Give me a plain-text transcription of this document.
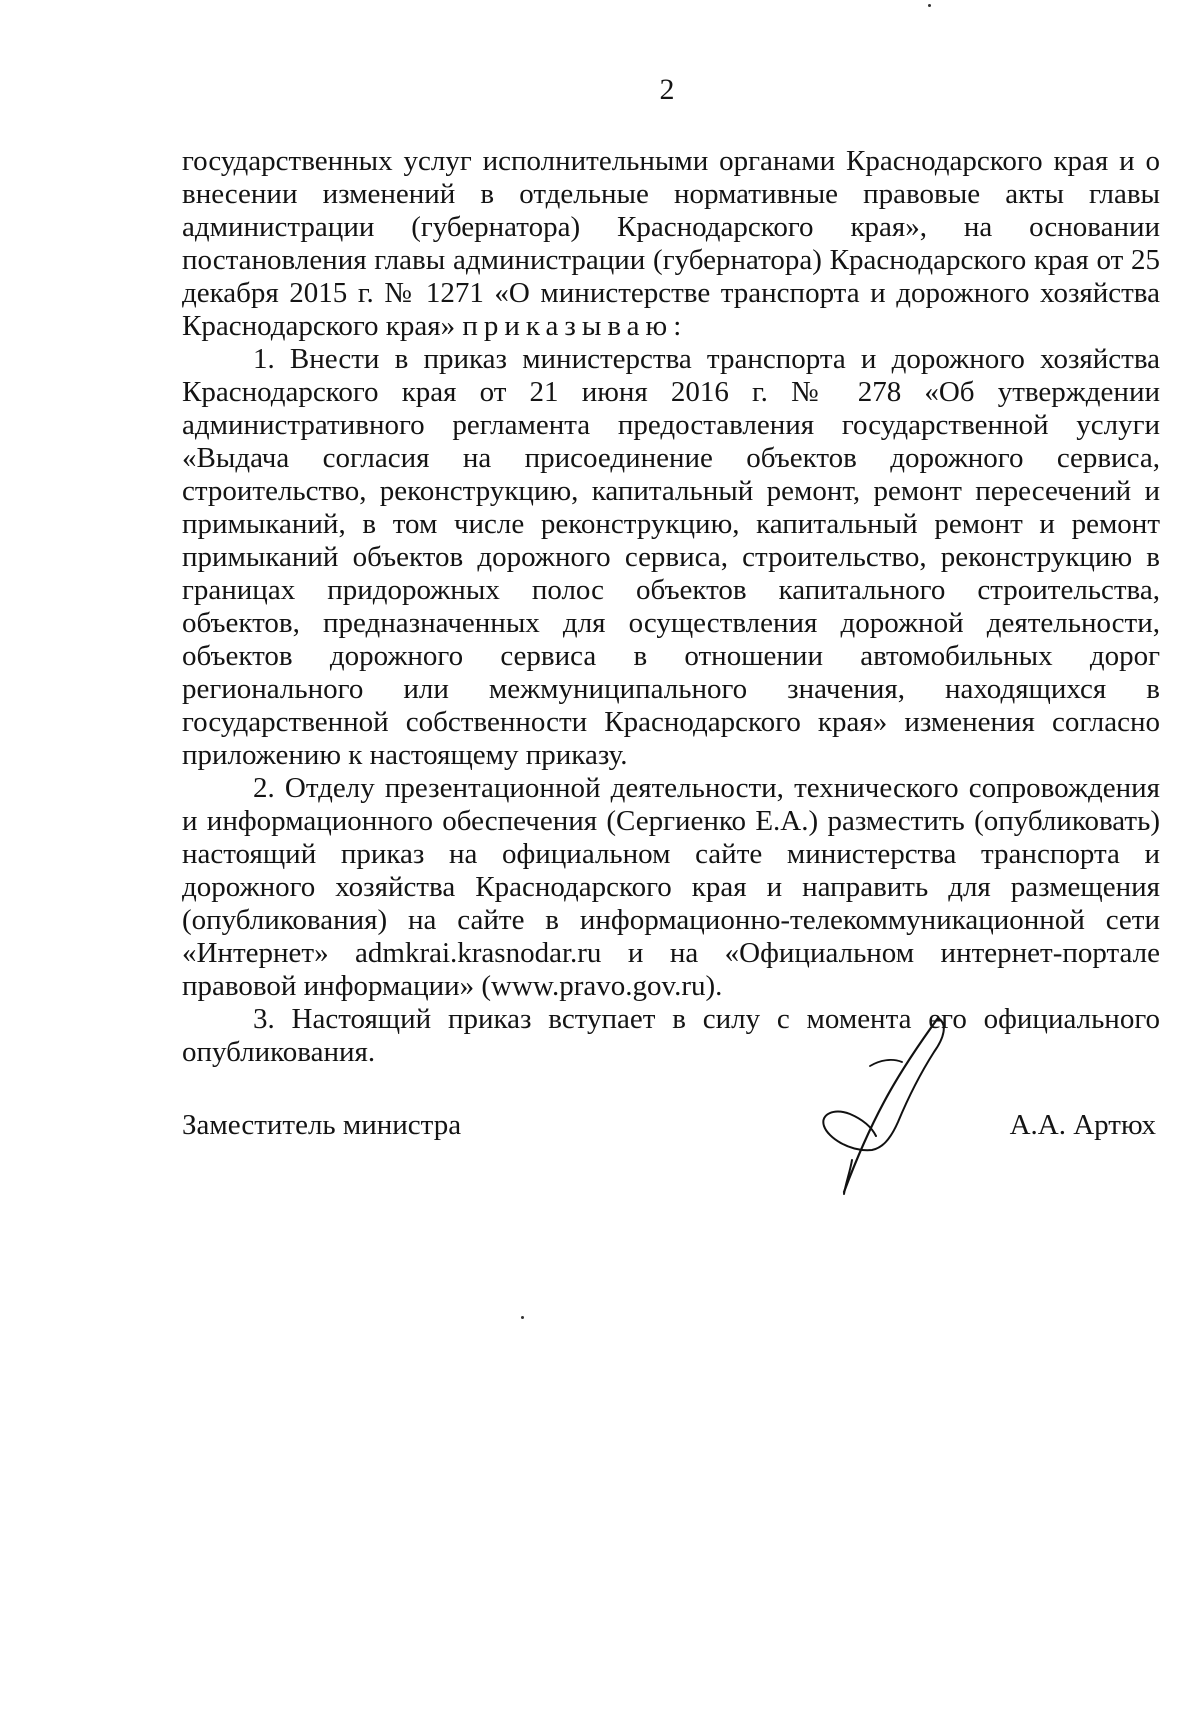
2

государственных услуг исполнительными органами Краснодарского края и о внесении изменений в отдельные нормативные правовые акты главы администрации (губернатора) Краснодарского края», на основании постановления главы администрации (губернатора) Краснодарского края от 25 декабря 2015 г. № 1271 «О министерстве транспорта и дорожного хозяйства Краснодарского края» приказываю:

1. Внести в приказ министерства транспорта и дорожного хозяйства Краснодарского края от 21 июня 2016 г. № 278 «Об утверждении административного регламента предоставления государственной услуги «Выдача согласия на присоединение объектов дорожного сервиса, строительство, реконструкцию, капитальный ремонт, ремонт пересечений и примыканий, в том числе реконструкцию, капитальный ремонт и ремонт примыканий объектов дорожного сервиса, строительство, реконструкцию в границах придорожных полос объектов капитального строительства, объектов, предназначенных для осуществления дорожной деятельности, объектов дорожного сервиса в отношении автомобильных дорог регионального или межмуниципального значения, находящихся в государственной собственности Краснодарского края» изменения согласно приложению к настоящему приказу.

2. Отделу презентационной деятельности, технического сопровождения и информационного обеспечения (Сергиенко Е.А.) разместить (опубликовать) настоящий приказ на официальном сайте министерства транспорта и дорожного хозяйства Краснодарского края и направить для размещения (опубликования) на сайте в информационно-телекоммуникационной сети «Интернет» admkrai.krasnodar.ru и на «Официальном интернет-портале правовой информации» (www.pravo.gov.ru).

3. Настоящий приказ вступает в силу с момента его официального опубликования.

Заместитель министра	А.А. Артюх
